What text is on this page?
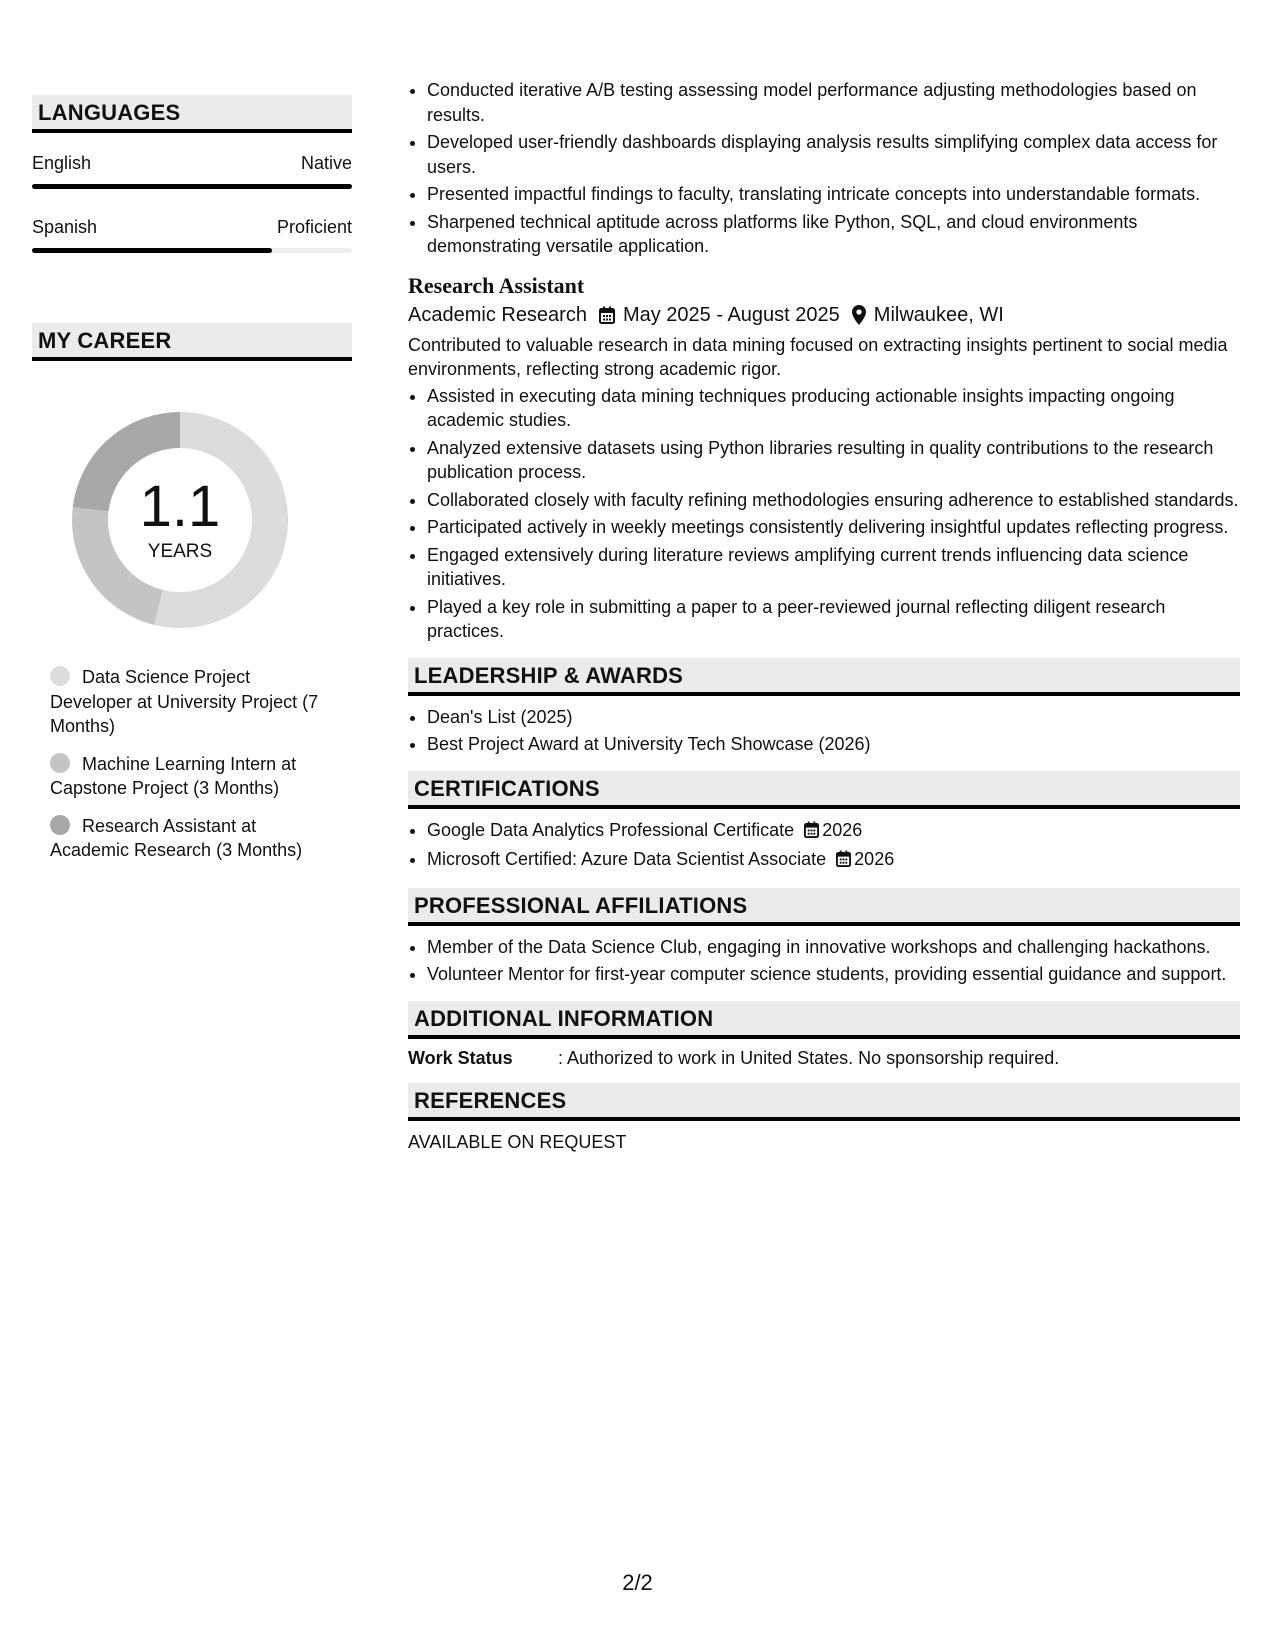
LANGUAGES
English	Native
Spanish	Proficient
MY CAREER
1.1
YEARS
Data Science Project Developer at University Project (7 Months)
Machine Learning Intern at Capstone Project (3 Months)
Research Assistant at Academic Research (3 Months)
• Conducted iterative A/B testing assessing model performance adjusting methodologies based on results.
• Developed user-friendly dashboards displaying analysis results simplifying complex data access for users.
• Presented impactful findings to faculty, translating intricate concepts into understandable formats.
• Sharpened technical aptitude across platforms like Python, SQL, and cloud environments demonstrating versatile application.
Research Assistant
Academic Research May 2025 - August 2025 Milwaukee, WI
Contributed to valuable research in data mining focused on extracting insights pertinent to social media environments, reflecting strong academic rigor.
• Assisted in executing data mining techniques producing actionable insights impacting ongoing academic studies.
• Analyzed extensive datasets using Python libraries resulting in quality contributions to the research publication process.
• Collaborated closely with faculty refining methodologies ensuring adherence to established standards.
• Participated actively in weekly meetings consistently delivering insightful updates reflecting progress.
• Engaged extensively during literature reviews amplifying current trends influencing data science initiatives.
• Played a key role in submitting a paper to a peer-reviewed journal reflecting diligent research practices.
LEADERSHIP & AWARDS
• Dean's List (2025)
• Best Project Award at University Tech Showcase (2026)
CERTIFICATIONS
• Google Data Analytics Professional Certificate 2026
• Microsoft Certified: Azure Data Scientist Associate 2026
PROFESSIONAL AFFILIATIONS
• Member of the Data Science Club, engaging in innovative workshops and challenging hackathons.
• Volunteer Mentor for first-year computer science students, providing essential guidance and support.
ADDITIONAL INFORMATION
Work Status	: Authorized to work in United States. No sponsorship required.
REFERENCES
AVAILABLE ON REQUEST
2/2
